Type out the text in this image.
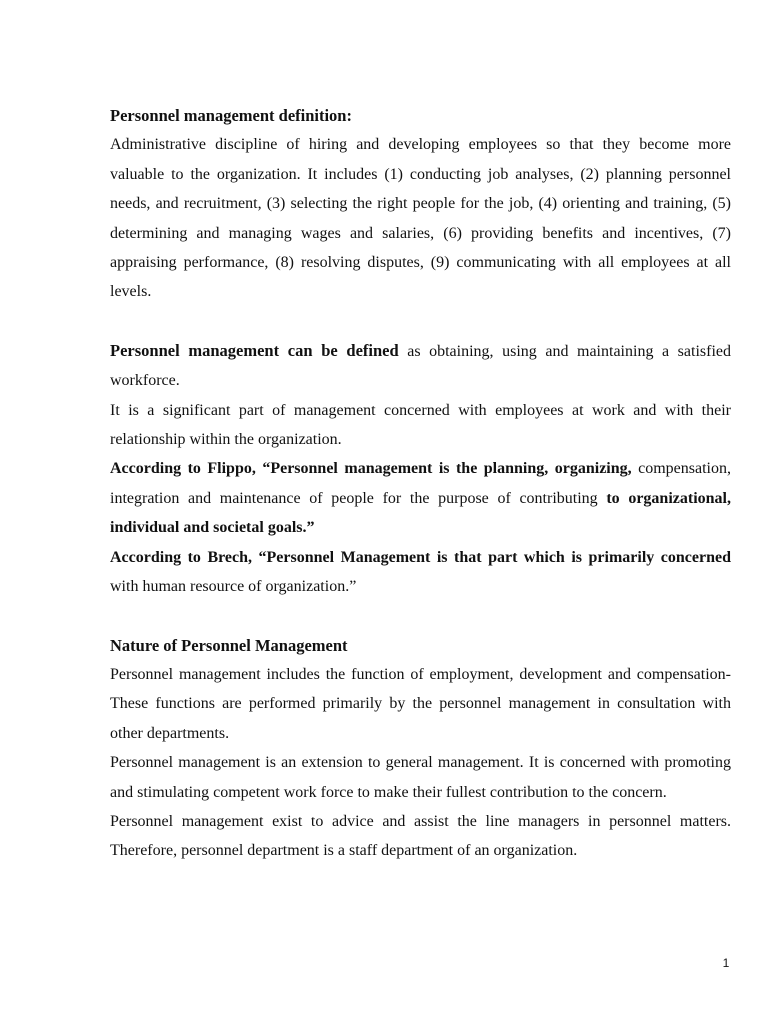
Personnel management definition:

Administrative discipline of hiring and developing employees so that they become more valuable to the organization. It includes (1) conducting job analyses, (2) planning personnel needs, and recruitment, (3) selecting the right people for the job, (4) orienting and training, (5) determining and managing wages and salaries, (6) providing benefits and incentives, (7) appraising performance, (8) resolving disputes, (9) communicating with all employees at all levels.

Personnel management can be defined as obtaining, using and maintaining a satisfied workforce.

It is a significant part of management concerned with employees at work and with their relationship within the organization.

According to Flippo, “Personnel management is the planning, organizing, compensation, integration and maintenance of people for the purpose of contributing to organizational, individual and societal goals.”

According to Brech, “Personnel Management is that part which is primarily concerned with human resource of organization.”

Nature of Personnel Management

Personnel management includes the function of employment, development and compensation- These functions are performed primarily by the personnel management in consultation with other departments.

Personnel management is an extension to general management. It is concerned with promoting and stimulating competent work force to make their fullest contribution to the concern.

Personnel management exist to advice and assist the line managers in personnel matters. Therefore, personnel department is a staff department of an organization.

1
